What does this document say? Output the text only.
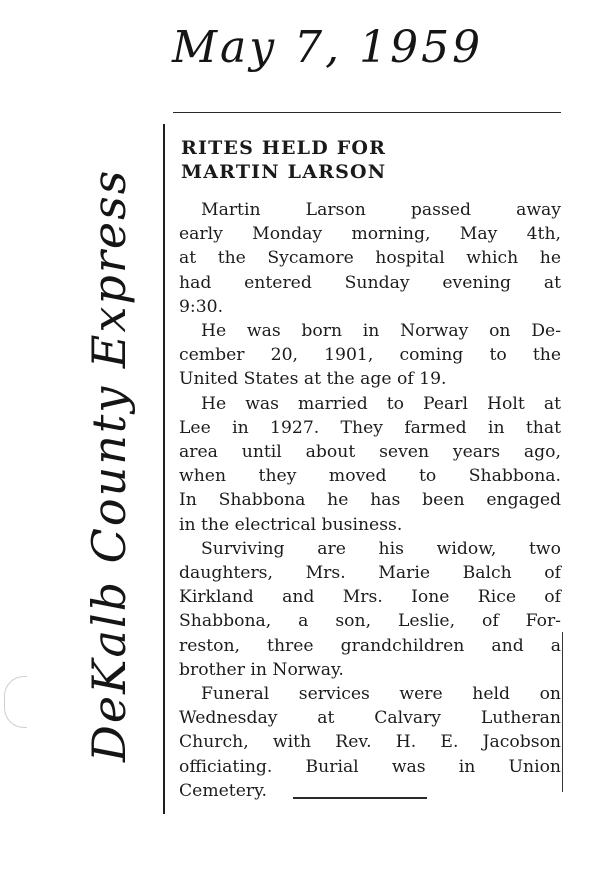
May 7, 1959
DeKalb County Express
RITES HELD FOR
MARTIN LARSON
Martin Larson passed away
early Monday morning, May 4th,
at the Sycamore hospital which he
had entered Sunday evening at
9:30.
He was born in Norway on De-
cember 20, 1901, coming to the
United States at the age of 19.
He was married to Pearl Holt at
Lee in 1927. They farmed in that
area until about seven years ago,
when they moved to Shabbona.
In Shabbona he has been engaged
in the electrical business.
Surviving are his widow, two
daughters, Mrs. Marie Balch of
Kirkland and Mrs. Ione Rice of
Shabbona, a son, Leslie, of For-
reston, three grandchildren and a
brother in Norway.
Funeral services were held on
Wednesday at Calvary Lutheran
Church, with Rev. H. E. Jacobson
officiating. Burial was in Union
Cemetery.
